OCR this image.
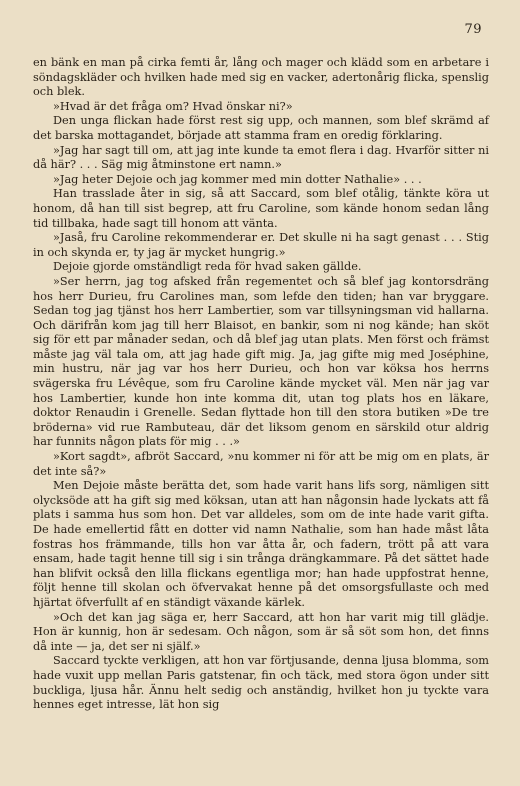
79

en bänk en man på cirka femti år, lång och mager och klädd som en arbetare i söndagskläder och hvilken hade med sig en vacker, adertonårig flicka, spenslig och blek.

»Hvad är det fråga om? Hvad önskar ni?»

Den unga flickan hade först rest sig upp, och mannen, som blef skrämd af det barska mottagandet, började att stamma fram en oredig förklaring.

»Jag har sagt till om, att jag inte kunde ta emot flera i dag. Hvarför sitter ni då här? . . . Säg mig åtminstone ert namn.»

»Jag heter Dejoie och jag kommer med min dotter Nathalie» . . .

Han trasslade åter in sig, så att Saccard, som blef otålig, tänkte köra ut honom, då han till sist begrep, att fru Caroline, som kände honom sedan lång tid tillbaka, hade sagt till honom att vänta.

»Jaså, fru Caroline rekommenderar er. Det skulle ni ha sagt genast . . . Stig in och skynda er, ty jag är mycket hungrig.»

Dejoie gjorde omständligt reda för hvad saken gällde.

»Ser herrn, jag tog afsked från regementet och så blef jag kontorsdräng hos herr Durieu, fru Carolines man, som lefde den tiden; han var bryggare. Sedan tog jag tjänst hos herr Lambertier, som var tillsyningsman vid hallarna. Och därifrån kom jag till herr Blaisot, en bankir, som ni nog kände; han sköt sig för ett par månader sedan, och då blef jag utan plats. Men först och främst måste jag väl tala om, att jag hade gift mig. Ja, jag gifte mig med Joséphine, min hustru, när jag var hos herr Durieu, och hon var köksa hos herrns svägerska fru Lévêque, som fru Caroline kände mycket väl. Men när jag var hos Lambertier, kunde hon inte komma dit, utan tog plats hos en läkare, doktor Renaudin i Grenelle. Sedan flyttade hon till den stora butiken »De tre bröderna» vid rue Rambuteau, där det liksom genom en särskild otur aldrig har funnits någon plats för mig . . .»

»Kort sagdt», afbröt Saccard, »nu kommer ni för att be mig om en plats, är det inte så?»

Men Dejoie måste berätta det, som hade varit hans lifs sorg, nämligen sitt olycksöde att ha gift sig med köksan, utan att han någonsin hade lyckats att få plats i samma hus som hon. Det var alldeles, som om de inte hade varit gifta. De hade emellertid fått en dotter vid namn Nathalie, som han hade måst låta fostras hos främmande, tills hon var åtta år, och fadern, trött på att vara ensam, hade tagit henne till sig i sin trånga drängkammare. På det sättet hade han blifvit också den lilla flickans egentliga mor; han hade uppfostrat henne, följt henne till skolan och öfvervakat henne på det omsorgsfullaste och med hjärtat öfverfullt af en ständigt växande kärlek.

»Och det kan jag säga er, herr Saccard, att hon har varit mig till glädje. Hon är kunnig, hon är sedesam. Och någon, som är så söt som hon, det finns då inte — ja, det ser ni själf.»

Saccard tyckte verkligen, att hon var förtjusande, denna ljusa blomma, som hade vuxit upp mellan Paris gatstenar, fin och täck, med stora ögon under sitt buckliga, ljusa hår. Ännu helt sedig och anständig, hvilket hon ju tyckte vara hennes eget intresse, lät hon sig
